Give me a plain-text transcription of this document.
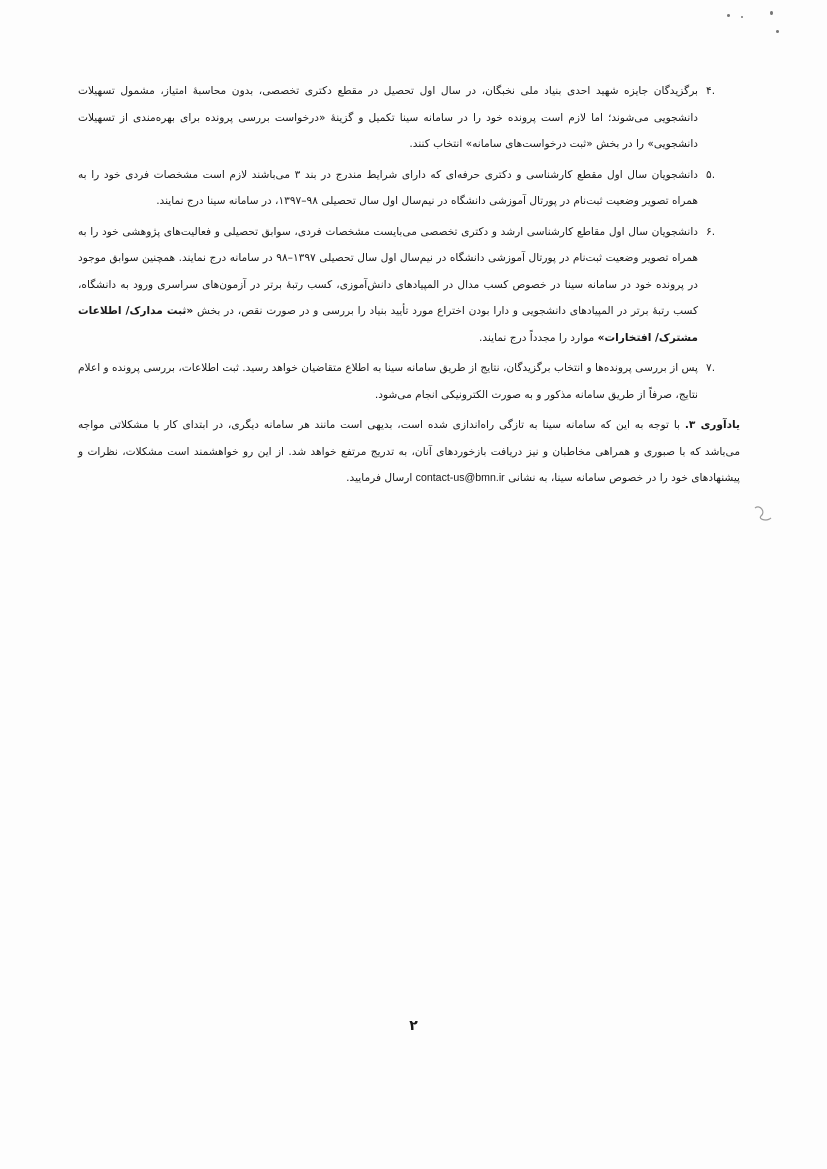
۴.
برگزیدگان جایزه شهید احدی بنیاد ملی نخبگان، در سال اول تحصیل در مقطع دکتری تخصصی، بدون محاسبهٔ امتیاز، مشمول تسهیلات دانشجویی می‌شوند؛ اما لازم است پرونده خود را در سامانه سینا تکمیل و گزینهٔ «درخواست بررسی پرونده برای بهره‌مندی از تسهیلات دانشجویی» را در بخش «ثبت درخواست‌های سامانه» انتخاب کنند.
۵.
دانشجویان سال اول مقطع کارشناسی و دکتری حرفه‌ای که دارای شرایط مندرج در بند ۳ می‌باشند لازم است مشخصات فردی خود را به همراه تصویر وضعیت ثبت‌نام در پورتال آموزشی دانشگاه در نیم‌سال اول سال تحصیلی ۹۸–۱۳۹۷، در سامانه سینا درج نمایند.
۶.
دانشجویان سال اول مقاطع کارشناسی ارشد و دکتری تخصصی می‌بایست مشخصات فردی، سوابق تحصیلی و فعالیت‌های پژوهشی خود را به همراه تصویر وضعیت ثبت‌نام در پورتال آموزشی دانشگاه در نیم‌سال اول سال تحصیلی ۱۳۹۷–۹۸ در سامانه درج نمایند. همچنین سوابق موجود در پرونده خود در سامانه سینا در خصوص کسب مدال در المپیادهای دانش‌آموزی، کسب رتبهٔ برتر در آزمون‌های سراسری ورود به دانشگاه، کسب رتبهٔ برتر در المپیادهای دانشجویی و دارا بودن اختراع مورد تأیید بنیاد را بررسی و در صورت نقص، در بخش «ثبت مدارک/ اطلاعات مشترک/ افتخارات» موارد را مجدداً درج نمایند.
۷.
پس از بررسی پرونده‌ها و انتخاب برگزیدگان، نتایج از طریق سامانه سینا به اطلاع متقاضیان خواهد رسید. ثبت اطلاعات، بررسی پرونده و اعلام نتایج، صرفاً از طریق سامانه مذکور و به صورت الکترونیکی انجام می‌شود.
یادآوری ۳. با توجه به این که سامانه سینا به تازگی راه‌اندازی شده است، بدیهی است مانند هر سامانه دیگری، در ابتدای کار با مشکلاتی مواجه می‌باشد که با صبوری و همراهی مخاطبان و نیز دریافت بازخوردهای آنان، به تدریج مرتفع خواهد شد. از این رو خواهشمند است مشکلات، نظرات و پیشنهادهای خود را در خصوص سامانه سینا، به نشانی contact-us@bmn.ir ارسال فرمایید.
۲
